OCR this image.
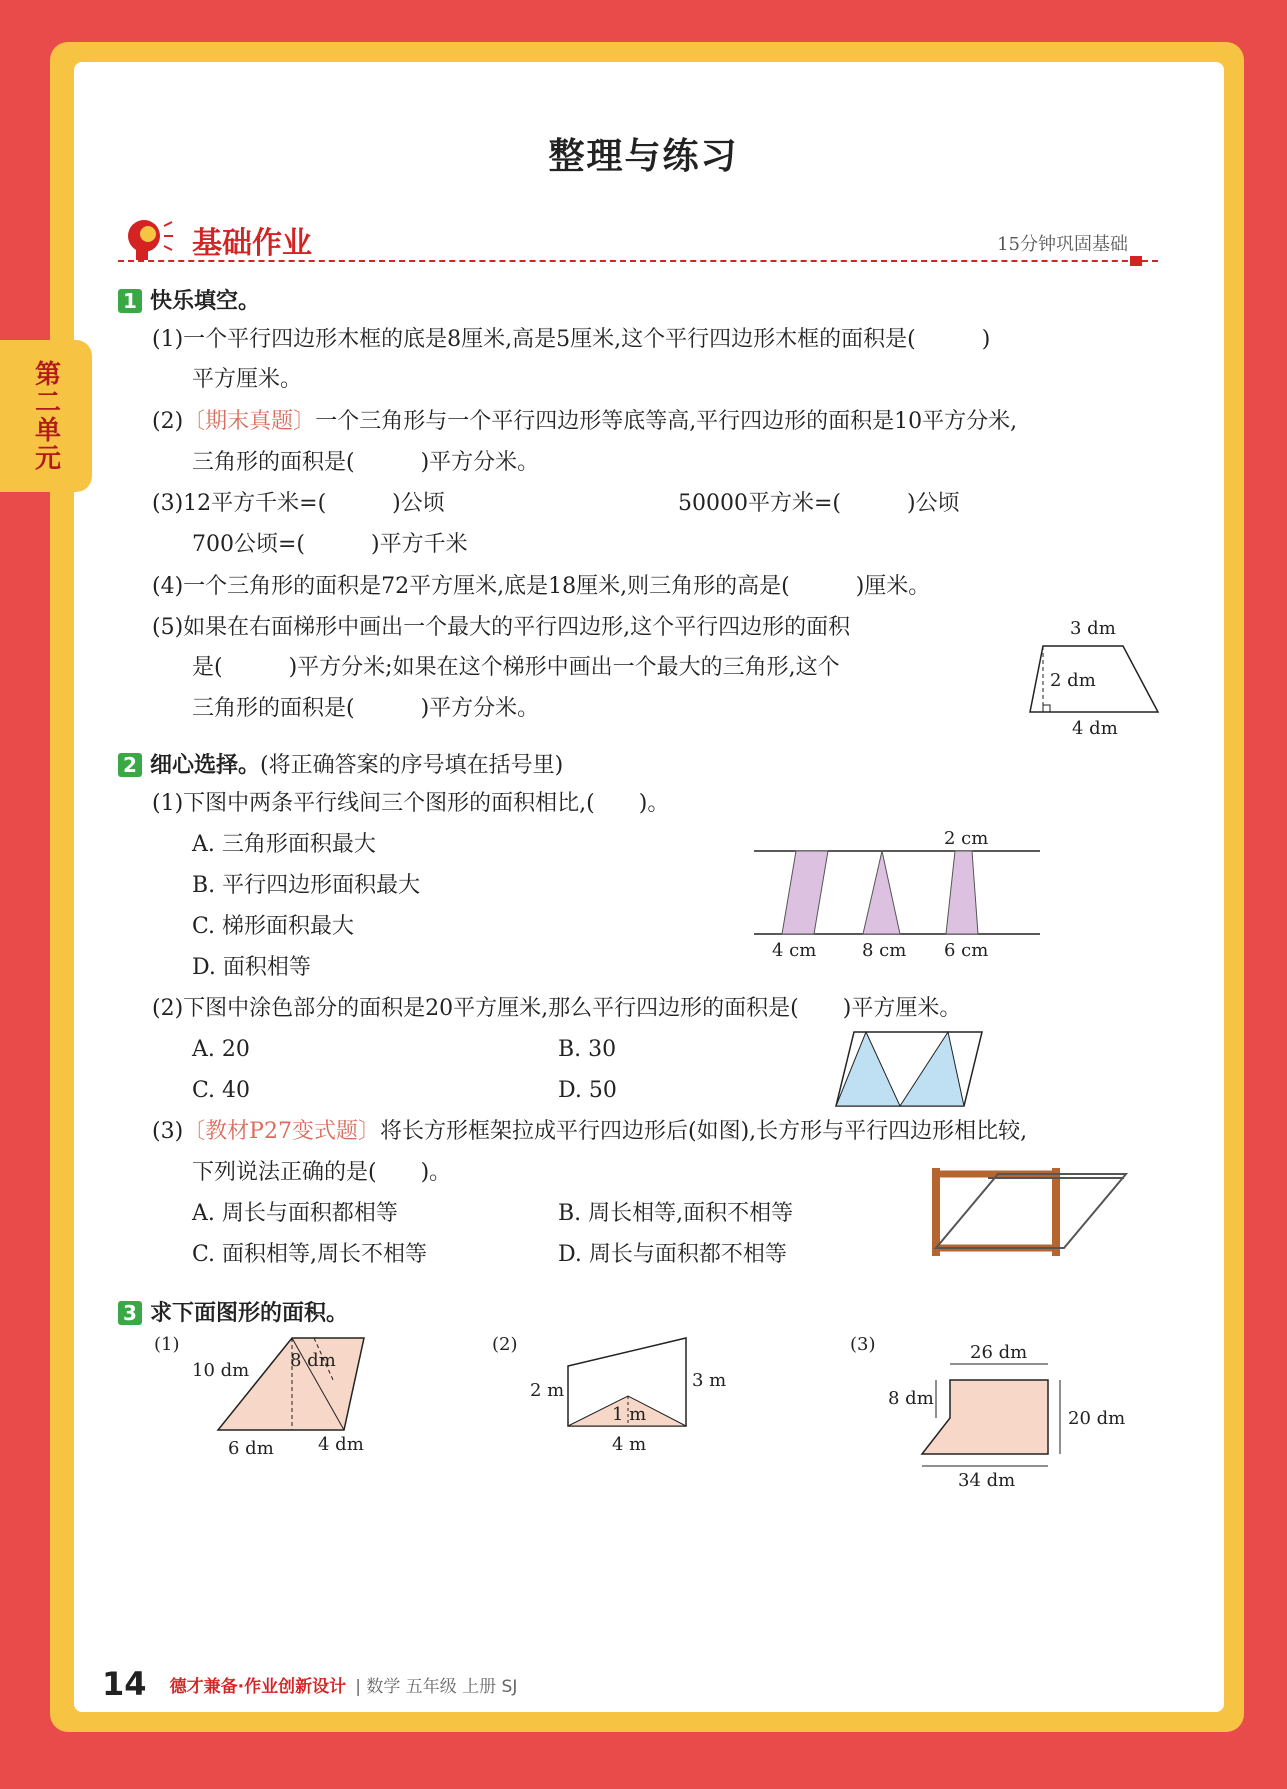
第二单元
整理与练习
基础作业	15分钟巩固基础
1 快乐填空。
(1)一个平行四边形木框的底是8厘米,高是5厘米,这个平行四边形木框的面积是(　　　)
平方厘米。
(2)〔期末真题〕一个三角形与一个平行四边形等底等高,平行四边形的面积是10平方分米,
三角形的面积是(　　　)平方分米。
(3)12平方千米=(　　　)公顷	50000平方米=(　　　)公顷
700公顷=(　　　)平方千米
(4)一个三角形的面积是72平方厘米,底是18厘米,则三角形的高是(　　　)厘米。
(5)如果在右面梯形中画出一个最大的平行四边形,这个平行四边形的面积
是(　　　)平方分米;如果在这个梯形中画出一个最大的三角形,这个
三角形的面积是(　　　)平方分米。
3 dm
2 dm
4 dm
2 细心选择。(将正确答案的序号填在括号里)
(1)下图中两条平行线间三个图形的面积相比,(　　)。
A. 三角形面积最大
B. 平行四边形面积最大
C. 梯形面积最大
D. 面积相等
2 cm
4 cm	8 cm 6 cm
(2)下图中涂色部分的面积是20平方厘米,那么平行四边形的面积是(　　)平方厘米。
A. 20	B. 30
C. 40	D. 50
(3)〔教材P27变式题〕将长方形框架拉成平行四边形后(如图),长方形与平行四边形相比较,
下列说法正确的是(　　)。
A. 周长与面积都相等	B. 周长相等,面积不相等
C. 面积相等,周长不相等	D. 周长与面积都不相等
3 求下面图形的面积。
(1)
10 dm 8 dm
6 dm 4 dm
(2)
2 m	3 m
1 m
4 m
(3)	26 dm
8 dm
20 dm
34 dm
14 德才兼备·作业创新设计 | 数学 五年级 上册 SJ
